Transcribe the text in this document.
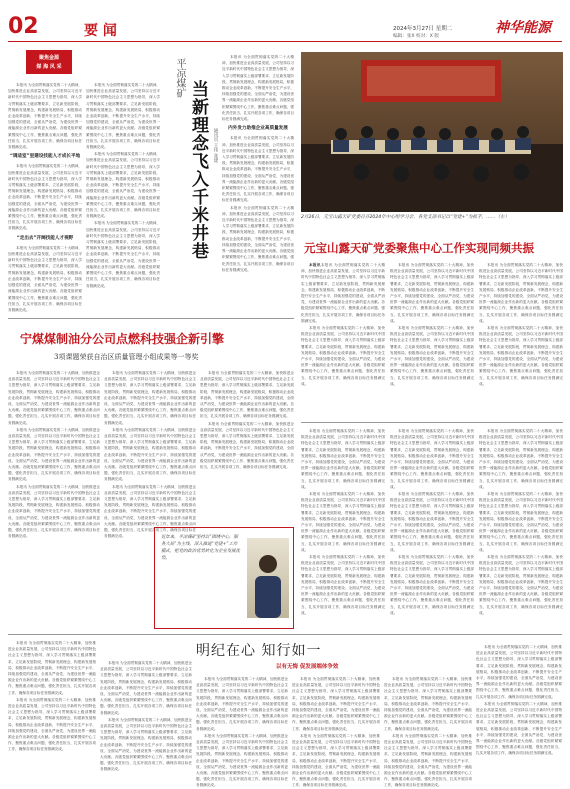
02	要 闻	2024年3月27日 星期二
编辑：张X 校对：X 版
神华能源
聚焦金源
煤 海 风 采

本报讯 为全面贯彻落实党的二十大精神，加快推进企业高质量发展，公司坚持以习近平新时代中国特色社会主义思想为指导，深入学习贯彻落实上级部署要求，立足新发展阶段，贯彻新发展理念，构建新发展格局，积极推动企业改革创新，不断提升安全生产水平，持续加强党的建设，全面从严治党，为建设世界一流能源企业作出新的更大贡献。各级党组织紧紧围绕中心工作，聚焦重点难点问题，强化责任担当，扎实开展各项工作，确保各项目标任务圆满完成。

“调适室”里建设技能人才成长平地

本报讯 为全面贯彻落实党的二十大精神，加快推进企业高质量发展，公司坚持以习近平新时代中国特色社会主义思想为指导，深入学习贯彻落实上级部署要求，立足新发展阶段，贯彻新发展理念，构建新发展格局，积极推动企业改革创新，不断提升安全生产水平，持续加强党的建设，全面从严治党，为建设世界一流能源企业作出新的更大贡献。各级党组织紧紧围绕中心工作，聚焦重点难点问题，强化责任担当，扎实开展各项工作，确保各项目标任务圆满完成。

“走出去”开阔技能人才视野

本报讯 为全面贯彻落实党的二十大精神，加快推进企业高质量发展，公司坚持以习近平新时代中国特色社会主义思想为指导，深入学习贯彻落实上级部署要求，立足新发展阶段，贯彻新发展理念，构建新发展格局，积极推动企业改革创新，不断提升安全生产水平，持续加强党的建设，全面从严治党，为建设世界一流能源企业作出新的更大贡献。各级党组织紧紧围绕中心工作，聚焦重点难点问题，强化责任担当，扎实开展各项工作，确保各项目标任务圆满完成。

本报讯 为全面贯彻落实党的二十大精神，加快推进企业高质量发展，公司坚持以习近平新时代中国特色社会主义思想为指导，深入学习贯彻落实上级部署要求，立足新发展阶段，贯彻新发展理念，构建新发展格局，积极推动企业改革创新，不断提升安全生产水平，持续加强党的建设，全面从严治党，为建设世界一流能源企业作出新的更大贡献。各级党组织紧紧围绕中心工作，聚焦重点难点问题，强化责任担当，扎实开展各项工作，确保各项目标任务圆满完成。

本报讯 为全面贯彻落实党的二十大精神，加快推进企业高质量发展，公司坚持以习近平新时代中国特色社会主义思想为指导，深入学习贯彻落实上级部署要求，立足新发展阶段，贯彻新发展理念，构建新发展格局，积极推动企业改革创新，不断提升安全生产水平，持续加强党的建设，全面从严治党，为建设世界一流能源企业作出新的更大贡献。各级党组织紧紧围绕中心工作，聚焦重点难点问题，强化责任担当，扎实开展各项工作，确保各项目标任务圆满完成。

本报讯 为全面贯彻落实党的二十大精神，加快推进企业高质量发展，公司坚持以习近平新时代中国特色社会主义思想为指导，深入学习贯彻落实上级部署要求，立足新发展阶段，贯彻新发展理念，构建新发展格局，积极推动企业改革创新，不断提升安全生产水平，持续加强党的建设，全面从严治党，为建设世界一流能源企业作出新的更大贡献。各级党组织紧紧围绕中心工作，聚焦重点难点问题，强化责任担当，扎实开展各项工作，确保各项目标任务圆满完成。

平凉煤矿
当新理念飞入千米井巷	通讯员 王伟 张建

本报讯 为全面贯彻落实党的二十大精神，加快推进企业高质量发展，公司坚持以习近平新时代中国特色社会主义思想为指导，深入学习贯彻落实上级部署要求，立足新发展阶段，贯彻新发展理念，构建新发展格局，积极推动企业改革创新，不断提升安全生产水平，持续加强党的建设，全面从严治党，为建设世界一流能源企业作出新的更大贡献。各级党组织紧紧围绕中心工作，聚焦重点难点问题，强化责任担当，扎实开展各项工作，确保各项目标任务圆满完成。

内外发力助推企业高质量发展

本报讯 为全面贯彻落实党的二十大精神，加快推进企业高质量发展，公司坚持以习近平新时代中国特色社会主义思想为指导，深入学习贯彻落实上级部署要求，立足新发展阶段，贯彻新发展理念，构建新发展格局，积极推动企业改革创新，不断提升安全生产水平，持续加强党的建设，全面从严治党，为建设世界一流能源企业作出新的更大贡献。各级党组织紧紧围绕中心工作，聚焦重点难点问题，强化责任担当，扎实开展各项工作，确保各项目标任务圆满完成。

本报讯 为全面贯彻落实党的二十大精神，加快推进企业高质量发展，公司坚持以习近平新时代中国特色社会主义思想为指导，深入学习贯彻落实上级部署要求，立足新发展阶段，贯彻新发展理念，构建新发展格局，积极推动企业改革创新，不断提升安全生产水平，持续加强党的建设，全面从严治党，为建设世界一流能源企业作出新的更大贡献。各级党组织紧紧围绕中心工作，聚焦重点难点问题，强化责任担当，扎实开展各项工作，确保各项目标任务圆满完成。

2月26日，元宝山露天矿党委召开2024年中心组学习会，各党支部书记以“党建+”为抓手，……（左）
元宝山露天矿党委聚焦中心工作实现同频共振

本报讯本报讯 为全面贯彻落实党的二十大精神，加快推进企业高质量发展，公司坚持以习近平新时代中国特色社会主义思想为指导，深入学习贯彻落实上级部署要求，立足新发展阶段，贯彻新发展理念，构建新发展格局，积极推动企业改革创新，不断提升安全生产水平，持续加强党的建设，全面从严治党，为建设世界一流能源企业作出新的更大贡献。各级党组织紧紧围绕中心工作，聚焦重点难点问题，强化责任担当，扎实开展各项工作，确保各项目标任务圆满完成。

本报讯 为全面贯彻落实党的二十大精神，加快推进企业高质量发展，公司坚持以习近平新时代中国特色社会主义思想为指导，深入学习贯彻落实上级部署要求，立足新发展阶段，贯彻新发展理念，构建新发展格局，积极推动企业改革创新，不断提升安全生产水平，持续加强党的建设，全面从严治党，为建设世界一流能源企业作出新的更大贡献。各级党组织紧紧围绕中心工作，聚焦重点难点问题，强化责任担当，扎实开展各项工作，确保各项目标任务圆满完成。

本报讯 为全面贯彻落实党的二十大精神，加快推进企业高质量发展，公司坚持以习近平新时代中国特色社会主义思想为指导，深入学习贯彻落实上级部署要求，立足新发展阶段，贯彻新发展理念，构建新发展格局，积极推动企业改革创新，不断提升安全生产水平，持续加强党的建设，全面从严治党，为建设世界一流能源企业作出新的更大贡献。各级党组织紧紧围绕中心工作，聚焦重点难点问题，强化责任担当，扎实开展各项工作，确保各项目标任务圆满完成。

本报讯 为全面贯彻落实党的二十大精神，加快推进企业高质量发展，公司坚持以习近平新时代中国特色社会主义思想为指导，深入学习贯彻落实上级部署要求，立足新发展阶段，贯彻新发展理念，构建新发展格局，积极推动企业改革创新，不断提升安全生产水平，持续加强党的建设，全面从严治党，为建设世界一流能源企业作出新的更大贡献。各级党组织紧紧围绕中心工作，聚焦重点难点问题，强化责任担当，扎实开展各项工作，确保各项目标任务圆满完成。

本报讯 为全面贯彻落实党的二十大精神，加快推进企业高质量发展，公司坚持以习近平新时代中国特色社会主义思想为指导，深入学习贯彻落实上级部署要求，立足新发展阶段，贯彻新发展理念，构建新发展格局，积极推动企业改革创新，不断提升安全生产水平，持续加强党的建设，全面从严治党，为建设世界一流能源企业作出新的更大贡献。各级党组织紧紧围绕中心工作，聚焦重点难点问题，强化责任担当，扎实开展各项工作，确保各项目标任务圆满完成。

本报讯 为全面贯彻落实党的二十大精神，加快推进企业高质量发展，公司坚持以习近平新时代中国特色社会主义思想为指导，深入学习贯彻落实上级部署要求，立足新发展阶段，贯彻新发展理念，构建新发展格局，积极推动企业改革创新，不断提升安全生产水平，持续加强党的建设，全面从严治党，为建设世界一流能源企业作出新的更大贡献。各级党组织紧紧围绕中心工作，聚焦重点难点问题，强化责任担当，扎实开展各项工作，确保各项目标任务圆满完成。

宁煤煤制油分公司点燃科技强企新引擎
3项课题荣获自治区质量管理小组成果等一等奖

本报讯 为全面贯彻落实党的二十大精神，加快推进企业高质量发展，公司坚持以习近平新时代中国特色社会主义思想为指导，深入学习贯彻落实上级部署要求，立足新发展阶段，贯彻新发展理念，构建新发展格局，积极推动企业改革创新，不断提升安全生产水平，持续加强党的建设，全面从严治党，为建设世界一流能源企业作出新的更大贡献。各级党组织紧紧围绕中心工作，聚焦重点难点问题，强化责任担当，扎实开展各项工作，确保各项目标任务圆满完成。

本报讯 为全面贯彻落实党的二十大精神，加快推进企业高质量发展，公司坚持以习近平新时代中国特色社会主义思想为指导，深入学习贯彻落实上级部署要求，立足新发展阶段，贯彻新发展理念，构建新发展格局，积极推动企业改革创新，不断提升安全生产水平，持续加强党的建设，全面从严治党，为建设世界一流能源企业作出新的更大贡献。各级党组织紧紧围绕中心工作，聚焦重点难点问题，强化责任担当，扎实开展各项工作，确保各项目标任务圆满完成。

本报讯 为全面贯彻落实党的二十大精神，加快推进企业高质量发展，公司坚持以习近平新时代中国特色社会主义思想为指导，深入学习贯彻落实上级部署要求，立足新发展阶段，贯彻新发展理念，构建新发展格局，积极推动企业改革创新，不断提升安全生产水平，持续加强党的建设，全面从严治党，为建设世界一流能源企业作出新的更大贡献。各级党组织紧紧围绕中心工作，聚焦重点难点问题，强化责任担当，扎实开展各项工作，确保各项目标任务圆满完成。

本报讯 为全面贯彻落实党的二十大精神，加快推进企业高质量发展，公司坚持以习近平新时代中国特色社会主义思想为指导，深入学习贯彻落实上级部署要求，立足新发展阶段，贯彻新发展理念，构建新发展格局，积极推动企业改革创新，不断提升安全生产水平，持续加强党的建设，全面从严治党，为建设世界一流能源企业作出新的更大贡献。各级党组织紧紧围绕中心工作，聚焦重点难点问题，强化责任担当，扎实开展各项工作，确保各项目标任务圆满完成。

本报讯 为全面贯彻落实党的二十大精神，加快推进企业高质量发展，公司坚持以习近平新时代中国特色社会主义思想为指导，深入学习贯彻落实上级部署要求，立足新发展阶段，贯彻新发展理念，构建新发展格局，积极推动企业改革创新，不断提升安全生产水平，持续加强党的建设，全面从严治党，为建设世界一流能源企业作出新的更大贡献。各级党组织紧紧围绕中心工作，聚焦重点难点问题，强化责任担当，扎实开展各项工作，确保各项目标任务圆满完成。

本报讯 为全面贯彻落实党的二十大精神，加快推进企业高质量发展，公司坚持以习近平新时代中国特色社会主义思想为指导，深入学习贯彻落实上级部署要求，立足新发展阶段，贯彻新发展理念，构建新发展格局，积极推动企业改革创新，不断提升安全生产水平，持续加强党的建设，全面从严治党，为建设世界一流能源企业作出新的更大贡献。各级党组织紧紧围绕中心工作，聚焦重点难点问题，强化责任担当，扎实开展各项工作，确保各项目标任务圆满完成。

本报讯 为全面贯彻落实党的二十大精神，加快推进企业高质量发展，公司坚持以习近平新时代中国特色社会主义思想为指导，深入学习贯彻落实上级部署要求，立足新发展阶段，贯彻新发展理念，构建新发展格局，积极推动企业改革创新，不断提升安全生产水平，持续加强党的建设，全面从严治党，为建设世界一流能源企业作出新的更大贡献。各级党组织紧紧围绕中心工作，聚焦重点难点问题，强化责任担当，扎实开展各项工作，确保各项目标任务圆满完成。

本报讯 为全面贯彻落实党的二十大精神，加快推进企业高质量发展，公司坚持以习近平新时代中国特色社会主义思想为指导，深入学习贯彻落实上级部署要求，立足新发展阶段，贯彻新发展理念，构建新发展格局，积极推动企业改革创新，不断提升安全生产水平，持续加强党的建设，全面从严治党，为建设世界一流能源企业作出新的更大贡献。各级党组织紧紧围绕中心工作，聚焦重点难点问题，强化责任担当，扎实开展各项工作，确保各项目标任务圆满完成。

近年来，平凉煤矿坚持以“围绕中心，服务大局”为主线，深入推进“党建+”工作模式，把党的政治优势转化为企业发展优势。

本报讯 为全面贯彻落实党的二十大精神，加快推进企业高质量发展，公司坚持以习近平新时代中国特色社会主义思想为指导，深入学习贯彻落实上级部署要求，立足新发展阶段，贯彻新发展理念，构建新发展格局，积极推动企业改革创新，不断提升安全生产水平，持续加强党的建设，全面从严治党，为建设世界一流能源企业作出新的更大贡献。各级党组织紧紧围绕中心工作，聚焦重点难点问题，强化责任担当，扎实开展各项工作，确保各项目标任务圆满完成。

本报讯 为全面贯彻落实党的二十大精神，加快推进企业高质量发展，公司坚持以习近平新时代中国特色社会主义思想为指导，深入学习贯彻落实上级部署要求，立足新发展阶段，贯彻新发展理念，构建新发展格局，积极推动企业改革创新，不断提升安全生产水平，持续加强党的建设，全面从严治党，为建设世界一流能源企业作出新的更大贡献。各级党组织紧紧围绕中心工作，聚焦重点难点问题，强化责任担当，扎实开展各项工作，确保各项目标任务圆满完成。

本报讯 为全面贯彻落实党的二十大精神，加快推进企业高质量发展，公司坚持以习近平新时代中国特色社会主义思想为指导，深入学习贯彻落实上级部署要求，立足新发展阶段，贯彻新发展理念，构建新发展格局，积极推动企业改革创新，不断提升安全生产水平，持续加强党的建设，全面从严治党，为建设世界一流能源企业作出新的更大贡献。各级党组织紧紧围绕中心工作，聚焦重点难点问题，强化责任担当，扎实开展各项工作，确保各项目标任务圆满完成。

本报讯 为全面贯彻落实党的二十大精神，加快推进企业高质量发展，公司坚持以习近平新时代中国特色社会主义思想为指导，深入学习贯彻落实上级部署要求，立足新发展阶段，贯彻新发展理念，构建新发展格局，积极推动企业改革创新，不断提升安全生产水平，持续加强党的建设，全面从严治党，为建设世界一流能源企业作出新的更大贡献。各级党组织紧紧围绕中心工作，聚焦重点难点问题，强化责任担当，扎实开展各项工作，确保各项目标任务圆满完成。

本报讯 为全面贯彻落实党的二十大精神，加快推进企业高质量发展，公司坚持以习近平新时代中国特色社会主义思想为指导，深入学习贯彻落实上级部署要求，立足新发展阶段，贯彻新发展理念，构建新发展格局，积极推动企业改革创新，不断提升安全生产水平，持续加强党的建设，全面从严治党，为建设世界一流能源企业作出新的更大贡献。各级党组织紧紧围绕中心工作，聚焦重点难点问题，强化责任担当，扎实开展各项工作，确保各项目标任务圆满完成。

本报讯 为全面贯彻落实党的二十大精神，加快推进企业高质量发展，公司坚持以习近平新时代中国特色社会主义思想为指导，深入学习贯彻落实上级部署要求，立足新发展阶段，贯彻新发展理念，构建新发展格局，积极推动企业改革创新，不断提升安全生产水平，持续加强党的建设，全面从严治党，为建设世界一流能源企业作出新的更大贡献。各级党组织紧紧围绕中心工作，聚焦重点难点问题，强化责任担当，扎实开展各项工作，确保各项目标任务圆满完成。

本报讯 为全面贯彻落实党的二十大精神，加快推进企业高质量发展，公司坚持以习近平新时代中国特色社会主义思想为指导，深入学习贯彻落实上级部署要求，立足新发展阶段，贯彻新发展理念，构建新发展格局，积极推动企业改革创新，不断提升安全生产水平，持续加强党的建设，全面从严治党，为建设世界一流能源企业作出新的更大贡献。各级党组织紧紧围绕中心工作，聚焦重点难点问题，强化责任担当，扎实开展各项工作，确保各项目标任务圆满完成。

本报讯 为全面贯彻落实党的二十大精神，加快推进企业高质量发展，公司坚持以习近平新时代中国特色社会主义思想为指导，深入学习贯彻落实上级部署要求，立足新发展阶段，贯彻新发展理念，构建新发展格局，积极推动企业改革创新，不断提升安全生产水平，持续加强党的建设，全面从严治党，为建设世界一流能源企业作出新的更大贡献。各级党组织紧紧围绕中心工作，聚焦重点难点问题，强化责任担当，扎实开展各项工作，确保各项目标任务圆满完成。

本报讯 为全面贯彻落实党的二十大精神，加快推进企业高质量发展，公司坚持以习近平新时代中国特色社会主义思想为指导，深入学习贯彻落实上级部署要求，立足新发展阶段，贯彻新发展理念，构建新发展格局，积极推动企业改革创新，不断提升安全生产水平，持续加强党的建设，全面从严治党，为建设世界一流能源企业作出新的更大贡献。各级党组织紧紧围绕中心工作，聚焦重点难点问题，强化责任担当，扎实开展各项工作，确保各项目标任务圆满完成。

本报讯 为全面贯彻落实党的二十大精神，加快推进企业高质量发展，公司坚持以习近平新时代中国特色社会主义思想为指导，深入学习贯彻落实上级部署要求，立足新发展阶段，贯彻新发展理念，构建新发展格局，积极推动企业改革创新，不断提升安全生产水平，持续加强党的建设，全面从严治党，为建设世界一流能源企业作出新的更大贡献。各级党组织紧紧围绕中心工作，聚焦重点难点问题，强化责任担当，扎实开展各项工作，确保各项目标任务圆满完成。

本报讯 为全面贯彻落实党的二十大精神，加快推进企业高质量发展，公司坚持以习近平新时代中国特色社会主义思想为指导，深入学习贯彻落实上级部署要求，立足新发展阶段，贯彻新发展理念，构建新发展格局，积极推动企业改革创新，不断提升安全生产水平，持续加强党的建设，全面从严治党，为建设世界一流能源企业作出新的更大贡献。各级党组织紧紧围绕中心工作，聚焦重点难点问题，强化责任担当，扎实开展各项工作，确保各项目标任务圆满完成。

本报讯 为全面贯彻落实党的二十大精神，加快推进企业高质量发展，公司坚持以习近平新时代中国特色社会主义思想为指导，深入学习贯彻落实上级部署要求，立足新发展阶段，贯彻新发展理念，构建新发展格局，积极推动企业改革创新，不断提升安全生产水平，持续加强党的建设，全面从严治党，为建设世界一流能源企业作出新的更大贡献。各级党组织紧紧围绕中心工作，聚焦重点难点问题，强化责任担当，扎实开展各项工作，确保各项目标任务圆满完成。

本报讯 为全面贯彻落实党的二十大精神，加快推进企业高质量发展，公司坚持以习近平新时代中国特色社会主义思想为指导，深入学习贯彻落实上级部署要求，立足新发展阶段，贯彻新发展理念，构建新发展格局，积极推动企业改革创新，不断提升安全生产水平，持续加强党的建设，全面从严治党，为建设世界一流能源企业作出新的更大贡献。各级党组织紧紧围绕中心工作，聚焦重点难点问题，强化责任担当，扎实开展各项工作，确保各项目标任务圆满完成。

明纪在心 知行如一
以有无悔 促发展端体争效

本报讯 为全面贯彻落实党的二十大精神，加快推进企业高质量发展，公司坚持以习近平新时代中国特色社会主义思想为指导，深入学习贯彻落实上级部署要求，立足新发展阶段，贯彻新发展理念，构建新发展格局，积极推动企业改革创新，不断提升安全生产水平，持续加强党的建设，全面从严治党，为建设世界一流能源企业作出新的更大贡献。各级党组织紧紧围绕中心工作，聚焦重点难点问题，强化责任担当，扎实开展各项工作，确保各项目标任务圆满完成。

本报讯 为全面贯彻落实党的二十大精神，加快推进企业高质量发展，公司坚持以习近平新时代中国特色社会主义思想为指导，深入学习贯彻落实上级部署要求，立足新发展阶段，贯彻新发展理念，构建新发展格局，积极推动企业改革创新，不断提升安全生产水平，持续加强党的建设，全面从严治党，为建设世界一流能源企业作出新的更大贡献。各级党组织紧紧围绕中心工作，聚焦重点难点问题，强化责任担当，扎实开展各项工作，确保各项目标任务圆满完成。

本报讯 为全面贯彻落实党的二十大精神，加快推进企业高质量发展，公司坚持以习近平新时代中国特色社会主义思想为指导，深入学习贯彻落实上级部署要求，立足新发展阶段，贯彻新发展理念，构建新发展格局，积极推动企业改革创新，不断提升安全生产水平，持续加强党的建设，全面从严治党，为建设世界一流能源企业作出新的更大贡献。各级党组织紧紧围绕中心工作，聚焦重点难点问题，强化责任担当，扎实开展各项工作，确保各项目标任务圆满完成。

本报讯 为全面贯彻落实党的二十大精神，加快推进企业高质量发展，公司坚持以习近平新时代中国特色社会主义思想为指导，深入学习贯彻落实上级部署要求，立足新发展阶段，贯彻新发展理念，构建新发展格局，积极推动企业改革创新，不断提升安全生产水平，持续加强党的建设，全面从严治党，为建设世界一流能源企业作出新的更大贡献。各级党组织紧紧围绕中心工作，聚焦重点难点问题，强化责任担当，扎实开展各项工作，确保各项目标任务圆满完成。

本报讯 为全面贯彻落实党的二十大精神，加快推进企业高质量发展，公司坚持以习近平新时代中国特色社会主义思想为指导，深入学习贯彻落实上级部署要求，立足新发展阶段，贯彻新发展理念，构建新发展格局，积极推动企业改革创新，不断提升安全生产水平，持续加强党的建设，全面从严治党，为建设世界一流能源企业作出新的更大贡献。各级党组织紧紧围绕中心工作，聚焦重点难点问题，强化责任担当，扎实开展各项工作，确保各项目标任务圆满完成。

本报讯 为全面贯彻落实党的二十大精神，加快推进企业高质量发展，公司坚持以习近平新时代中国特色社会主义思想为指导，深入学习贯彻落实上级部署要求，立足新发展阶段，贯彻新发展理念，构建新发展格局，积极推动企业改革创新，不断提升安全生产水平，持续加强党的建设，全面从严治党，为建设世界一流能源企业作出新的更大贡献。各级党组织紧紧围绕中心工作，聚焦重点难点问题，强化责任担当，扎实开展各项工作，确保各项目标任务圆满完成。

本报讯 为全面贯彻落实党的二十大精神，加快推进企业高质量发展，公司坚持以习近平新时代中国特色社会主义思想为指导，深入学习贯彻落实上级部署要求，立足新发展阶段，贯彻新发展理念，构建新发展格局，积极推动企业改革创新，不断提升安全生产水平，持续加强党的建设，全面从严治党，为建设世界一流能源企业作出新的更大贡献。各级党组织紧紧围绕中心工作，聚焦重点难点问题，强化责任担当，扎实开展各项工作，确保各项目标任务圆满完成。

本报讯 为全面贯彻落实党的二十大精神，加快推进企业高质量发展，公司坚持以习近平新时代中国特色社会主义思想为指导，深入学习贯彻落实上级部署要求，立足新发展阶段，贯彻新发展理念，构建新发展格局，积极推动企业改革创新，不断提升安全生产水平，持续加强党的建设，全面从严治党，为建设世界一流能源企业作出新的更大贡献。各级党组织紧紧围绕中心工作，聚焦重点难点问题，强化责任担当，扎实开展各项工作，确保各项目标任务圆满完成。
